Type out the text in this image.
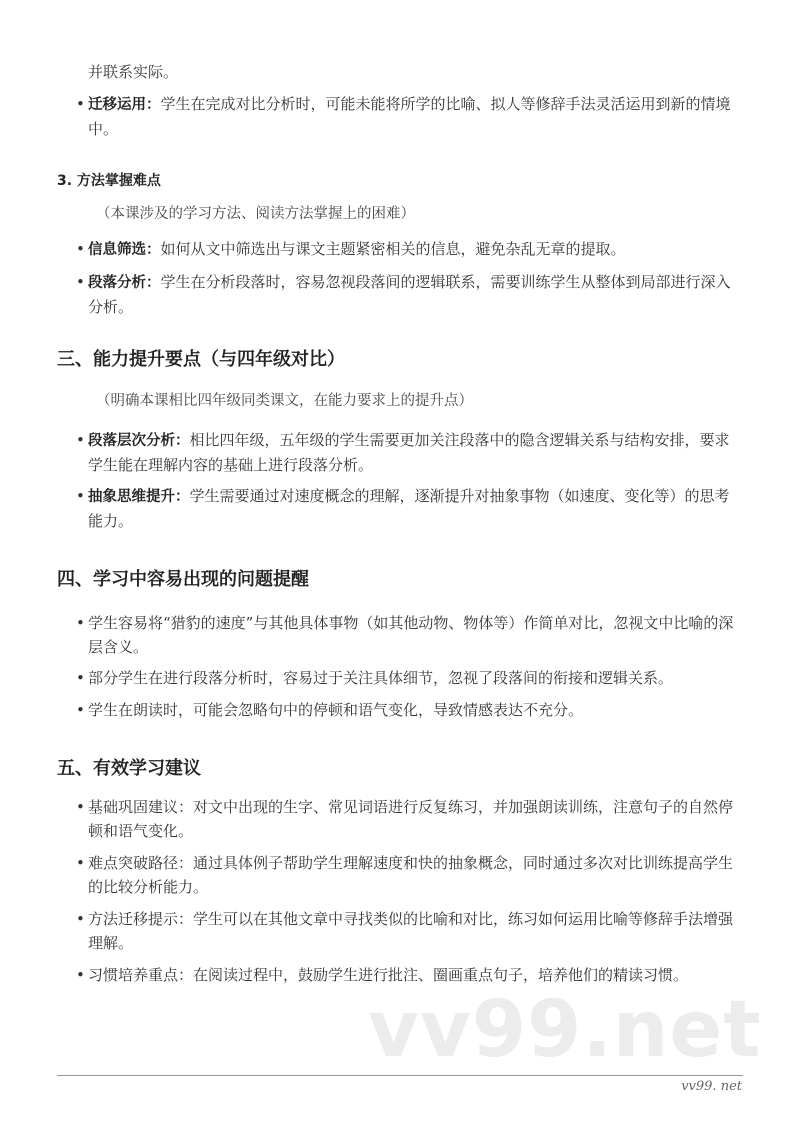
并联系实际。
• 迁移运用：学生在完成对比分析时，可能未能将所学的比喻、拟人等修辞手法灵活运用到新的情境中。
3. 方法掌握难点
（本课涉及的学习方法、阅读方法掌握上的困难）
• 信息筛选：如何从文中筛选出与课文主题紧密相关的信息，避免杂乱无章的提取。
• 段落分析：学生在分析段落时，容易忽视段落间的逻辑联系，需要训练学生从整体到局部进行深入分析。
三、能力提升要点（与四年级对比）
（明确本课相比四年级同类课文，在能力要求上的提升点）
• 段落层次分析：相比四年级，五年级的学生需要更加关注段落中的隐含逻辑关系与结构安排，要求学生能在理解内容的基础上进行段落分析。
• 抽象思维提升：学生需要通过对速度概念的理解，逐渐提升对抽象事物（如速度、变化等）的思考能力。
四、学习中容易出现的问题提醒
• 学生容易将“猎豹的速度”与其他具体事物（如其他动物、物体等）作简单对比，忽视文中比喻的深层含义。
• 部分学生在进行段落分析时，容易过于关注具体细节，忽视了段落间的衔接和逻辑关系。
• 学生在朗读时，可能会忽略句中的停顿和语气变化，导致情感表达不充分。
五、有效学习建议
• 基础巩固建议：对文中出现的生字、常见词语进行反复练习，并加强朗读训练，注意句子的自然停顿和语气变化。
• 难点突破路径：通过具体例子帮助学生理解速度和快的抽象概念，同时通过多次对比训练提高学生的比较分析能力。
• 方法迁移提示：学生可以在其他文章中寻找类似的比喻和对比，练习如何运用比喻等修辞手法增强理解。
• 习惯培养重点：在阅读过程中，鼓励学生进行批注、圈画重点句子，培养他们的精读习惯。
vv99.net
vv99. net
